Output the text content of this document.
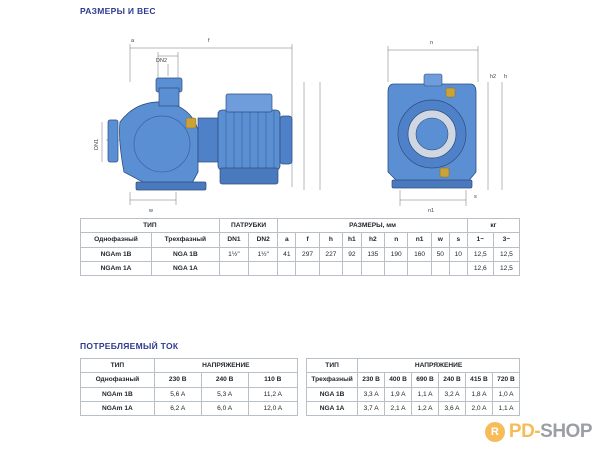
РАЗМЕРЫ И ВЕС
ПОТРЕБЛЯЕМЫЙ ТОК
a	f
DN2
DN1
w
n
h2 h
n1
s
ТИП		ПАТРУБКИ		РАЗМЕРЫ, мм									кг	
Однофазный	Трехфазный	DN1	DN2	a	f	h	h1	h2	n	n1	w	s	1~	3~
NGAm 1B	NGA 1B	1½"	1½"	41	297	227	92	135	190	160	50	10	12,5	12,5
NGAm 1A	NGA 1A												12,6	12,5
ТИП	НАПРЯЖЕНИЕ		
Однофазный	230 В	240 В	110 В
NGAm 1B	5,6 A	5,3 A	11,2 A
NGAm 1A	6,2 A	6,0 A	12,0 A
ТИП	НАПРЯЖЕНИЕ					
Трехфазный	230 В	400 В	690 В	240 В	415 В	720 В
NGA 1B	3,3 A	1,9 A	1,1 A	3,2 A	1,8 A	1,0 A
NGA 1A	3,7 A	2,1 A	1,2 A	3,6 A	2,0 A	1,1 A
R PD-SHOP
